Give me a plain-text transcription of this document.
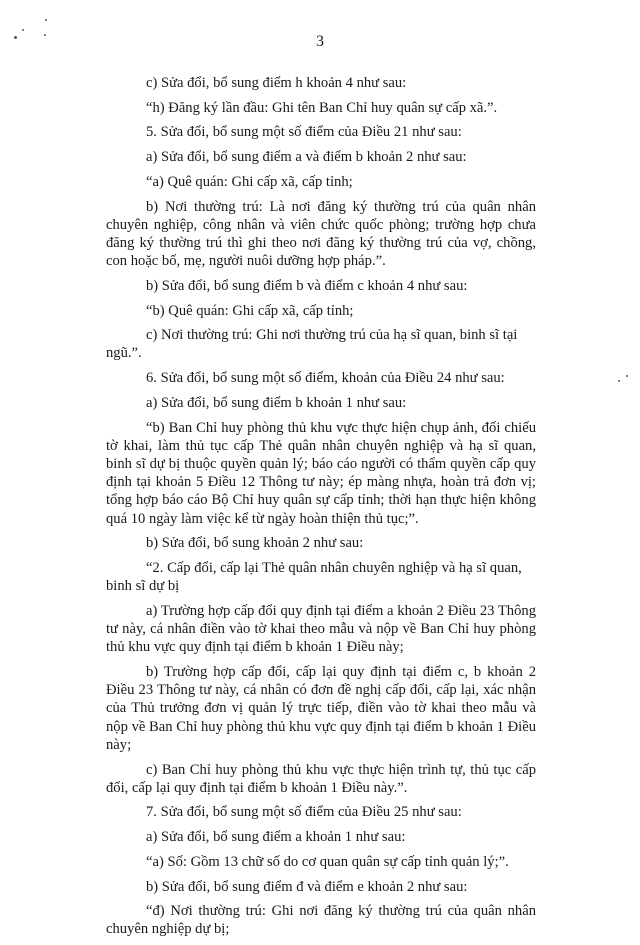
3

c) Sửa đổi, bổ sung điểm h khoản 4 như sau:

“h) Đăng ký lần đầu: Ghi tên Ban Chỉ huy quân sự cấp xã.”.

5. Sửa đổi, bổ sung một số điểm của Điều 21 như sau:

a) Sửa đổi, bổ sung điểm a và điểm b khoản 2 như sau:

“a) Quê quán: Ghi cấp xã, cấp tỉnh;

b) Nơi thường trú: Là nơi đăng ký thường trú của quân nhân chuyên nghiệp, công nhân và viên chức quốc phòng; trường hợp chưa đăng ký thường trú thì ghi theo nơi đăng ký thường trú của vợ, chồng, con hoặc bố, mẹ, người nuôi dưỡng hợp pháp.”.

b) Sửa đổi, bổ sung điểm b và điểm c khoản 4 như sau:

“b) Quê quán: Ghi cấp xã, cấp tỉnh;

c) Nơi thường trú: Ghi nơi thường trú của hạ sĩ quan, binh sĩ tại ngũ.”.

6. Sửa đổi, bổ sung một số điểm, khoản của Điều 24 như sau:

a) Sửa đổi, bổ sung điểm b khoản 1 như sau:

“b) Ban Chỉ huy phòng thủ khu vực thực hiện chụp ảnh, đối chiếu tờ khai, làm thủ tục cấp Thẻ quân nhân chuyên nghiệp và hạ sĩ quan, binh sĩ dự bị thuộc quyền quản lý; báo cáo người có thẩm quyền cấp quy định tại khoản 5 Điều 12 Thông tư này; ép màng nhựa, hoàn trả đơn vị; tổng hợp báo cáo Bộ Chỉ huy quân sự cấp tỉnh; thời hạn thực hiện không quá 10 ngày làm việc kể từ ngày hoàn thiện thủ tục;”.

b) Sửa đổi, bổ sung khoản 2 như sau:

“2. Cấp đổi, cấp lại Thẻ quân nhân chuyên nghiệp và hạ sĩ quan, binh sĩ dự bị

a) Trường hợp cấp đổi quy định tại điểm a khoản 2 Điều 23 Thông tư này, cá nhân điền vào tờ khai theo mẫu và nộp về Ban Chỉ huy phòng thủ khu vực quy định tại điểm b khoản 1 Điều này;

b) Trường hợp cấp đổi, cấp lại quy định tại điểm c, b khoản 2 Điều 23 Thông tư này, cá nhân có đơn đề nghị cấp đổi, cấp lại, xác nhận của Thủ trưởng đơn vị quản lý trực tiếp, điền vào tờ khai theo mẫu và nộp về Ban Chỉ huy phòng thủ khu vực quy định tại điểm b khoản 1 Điều này;

c) Ban Chỉ huy phòng thủ khu vực thực hiện trình tự, thủ tục cấp đổi, cấp lại quy định tại điểm b khoản 1 Điều này.”.

7. Sửa đổi, bổ sung một số điểm của Điều 25 như sau:

a) Sửa đổi, bổ sung điểm a khoản 1 như sau:

“a) Số: Gồm 13 chữ số do cơ quan quân sự cấp tỉnh quản lý;”.

b) Sửa đổi, bổ sung điểm đ và điểm e khoản 2 như sau:

“đ) Nơi thường trú: Ghi nơi đăng ký thường trú của quân nhân chuyên nghiệp dự bị;
